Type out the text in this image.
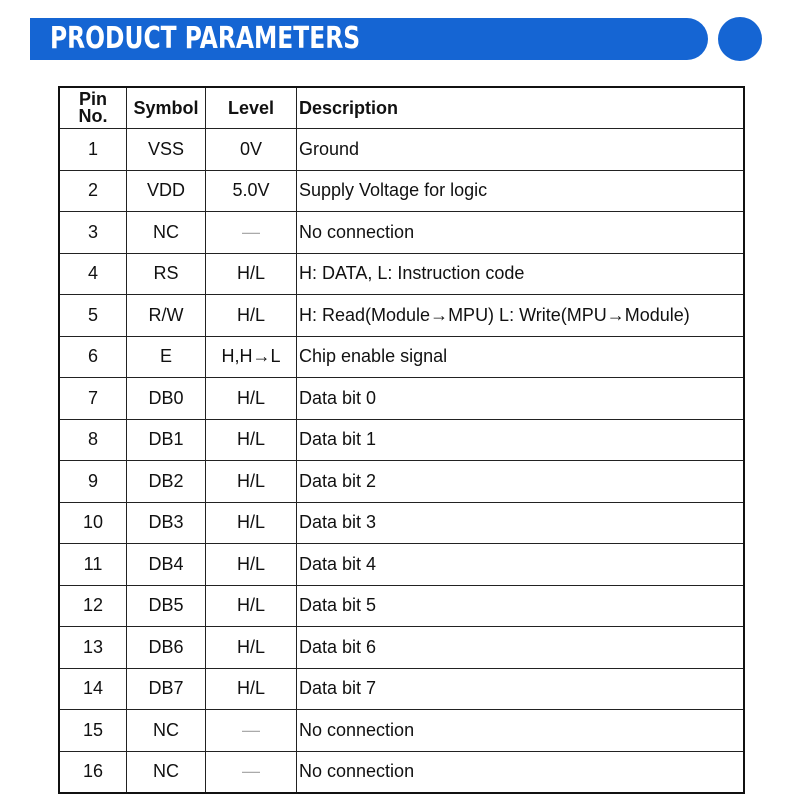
PRODUCT PARAMETERS
Pin
No.	Symbol	Level	Description
1	VSS	0V	Ground
2	VDD	5.0V	Supply Voltage for logic
3	NC	—	No connection
4	RS	H/L	H: DATA, L: Instruction code
5	R/W	H/L	H: Read(Module→MPU) L: Write(MPU→Module)
6	E	H,H→L	Chip enable signal
7	DB0	H/L	Data bit 0
8	DB1	H/L	Data bit 1
9	DB2	H/L	Data bit 2
10	DB3	H/L	Data bit 3
11	DB4	H/L	Data bit 4
12	DB5	H/L	Data bit 5
13	DB6	H/L	Data bit 6
14	DB7	H/L	Data bit 7
15	NC	—	No connection
16	NC	—	No connection
